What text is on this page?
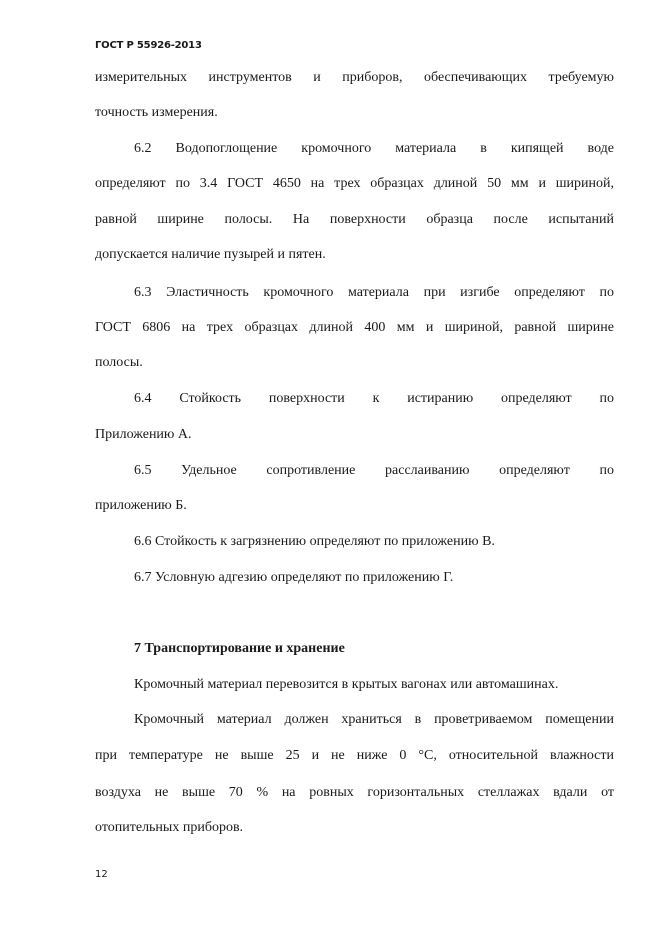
ГОСТ Р 55926-2013
измерительных инструментов и приборов, обеспечивающих требуемую
точность измерения.
6.2 Водопоглощение кромочного материала в кипящей воде
определяют по 3.4 ГОСТ 4650 на трех образцах длиной 50 мм и шириной,
равной ширине полосы. На поверхности образца после испытаний
допускается наличие пузырей и пятен.
6.3 Эластичность кромочного материала при изгибе определяют по
ГОСТ 6806 на трех образцах длиной 400 мм и шириной, равной ширине
полосы.
6.4 Стойкость поверхности к истиранию определяют по
Приложению А.
6.5 Удельное сопротивление расслаиванию определяют по
приложению Б.
6.6 Стойкость к загрязнению определяют по приложению В.
6.7 Условную адгезию определяют по приложению Г.
7 Транспортирование и хранение
Кромочный материал перевозится в крытых вагонах или автомашинах.
Кромочный материал должен храниться в проветриваемом помещении
при температуре не выше 25 и не ниже 0 °С, относительной влажности
воздуха не выше 70 % на ровных горизонтальных стеллажах вдали от
отопительных приборов.
12
